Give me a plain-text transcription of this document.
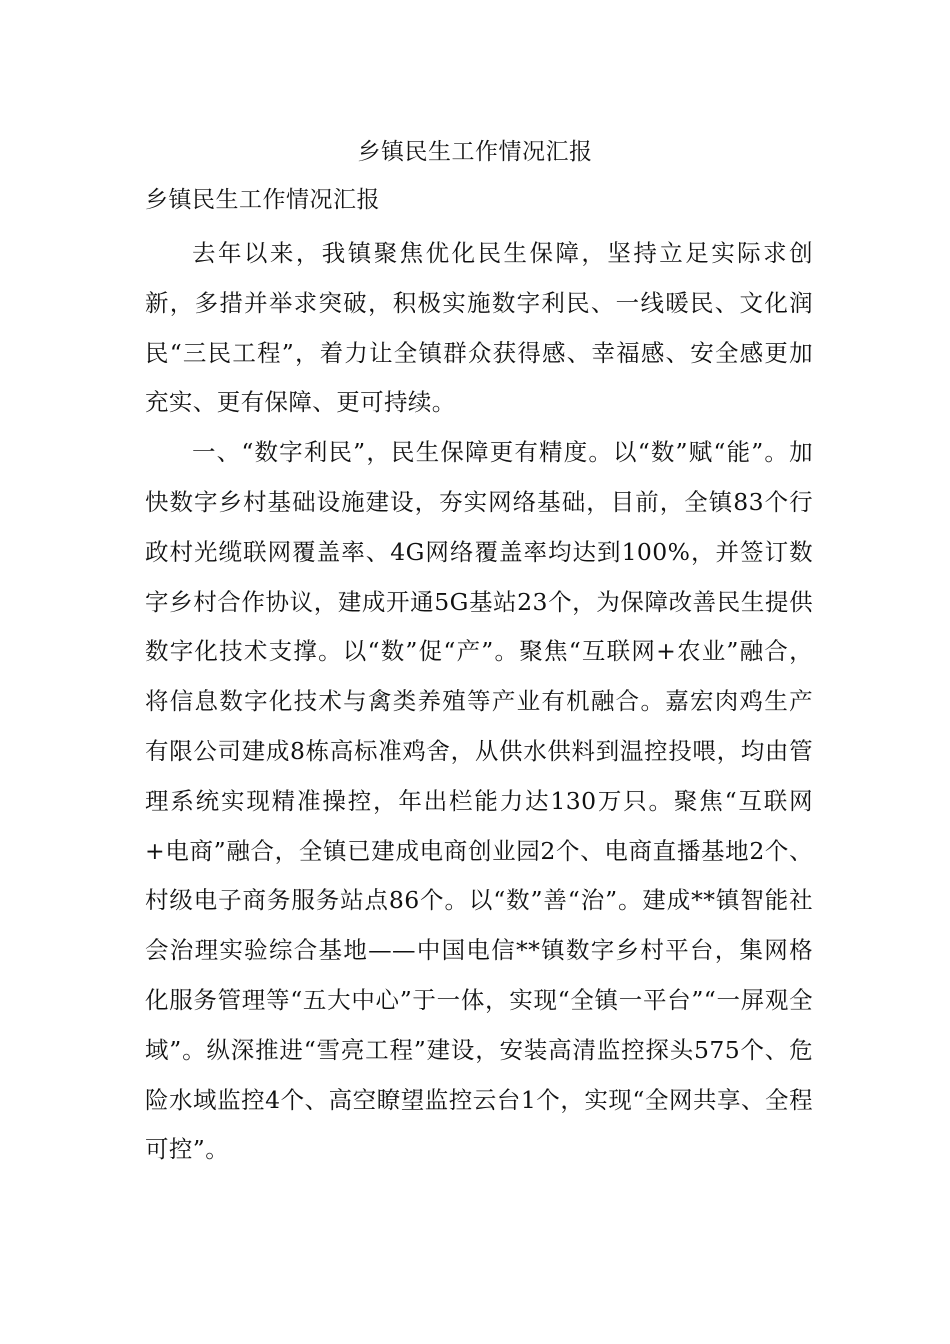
乡镇民生工作情况汇报
乡镇民生工作情况汇报

去年以来，我镇聚焦优化民生保障，坚持立足实际求创新，多措并举求突破，积极实施数字利民、一线暖民、文化润民“三民工程”，着力让全镇群众获得感、幸福感、安全感更加充实、更有保障、更可持续。

一、“数字利民”，民生保障更有精度。以“数”赋“能”。加快数字乡村基础设施建设，夯实网络基础，目前，全镇83个行政村光缆联网覆盖率、4G网络覆盖率均达到100%，并签订数字乡村合作协议，建成开通5G基站23个，为保障改善民生提供数字化技术支撑。以“数”促“产”。聚焦“互联网+农业”融合，将信息数字化技术与禽类养殖等产业有机融合。嘉宏肉鸡生产有限公司建成8栋高标准鸡舍，从供水供料到温控投喂，均由管理系统实现精准操控，年出栏能力达130万只。聚焦“互联网+电商”融合，全镇已建成电商创业园2个、电商直播基地2个、村级电子商务服务站点86个。以“数”善“治”。建成**镇智能社会治理实验综合基地——中国电信**镇数字乡村平台，集网格化服务管理等“五大中心”于一体，实现“全镇一平台”“一屏观全域”。纵深推进“雪亮工程”建设，安装高清监控探头575个、危险水域监控4个、高空瞭望监控云台1个，实现“全网共享、全程可控”。
